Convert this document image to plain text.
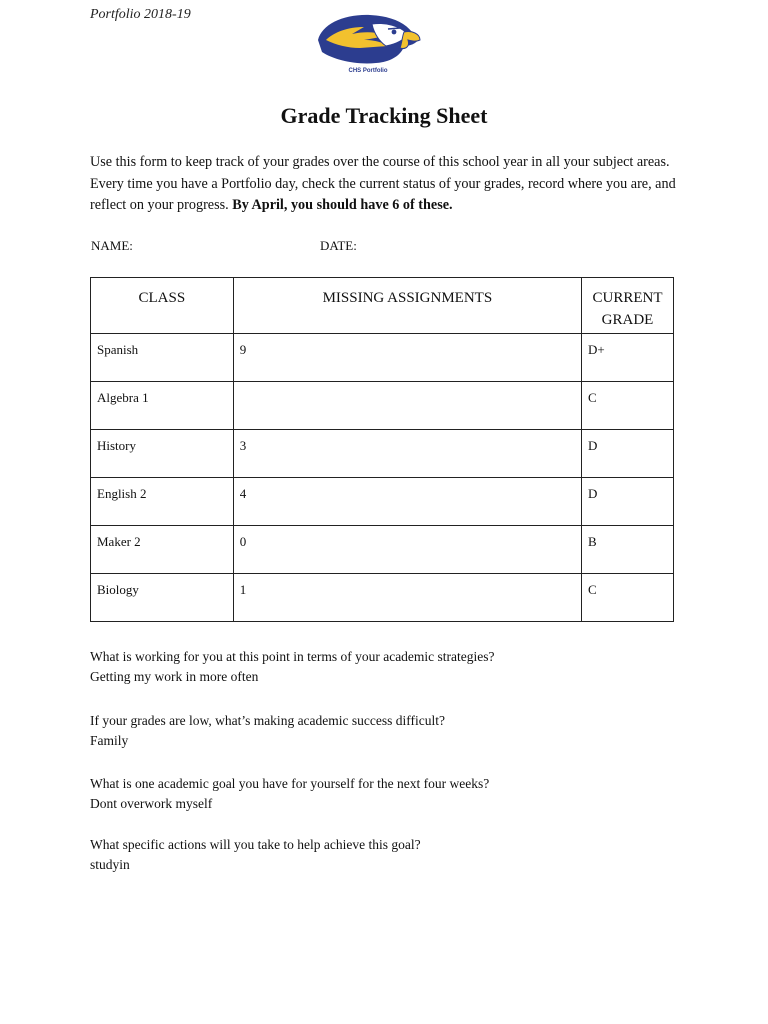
Portfolio 2018-19
CHS Portfolio
Grade Tracking Sheet
Use this form to keep track of your grades over the course of this school year in all your subject areas. Every time you have a Portfolio day, check the current status of your grades, record where you are, and reflect on your progress. By April, you should have 6 of these.
NAME:	DATE:
CLASS	MISSING ASSIGNMENTS	CURRENT GRADE
Spanish	9	D+
Algebra 1		C
History	3	D
English 2	4	D
Maker 2	0	B
Biology	1	C
What is working for you at this point in terms of your academic strategies?
Getting my work in more often
If your grades are low, what’s making academic success difficult?
Family
What is one academic goal you have for yourself for the next four weeks?
Dont overwork myself
What specific actions will you take to help achieve this goal?
studyin
